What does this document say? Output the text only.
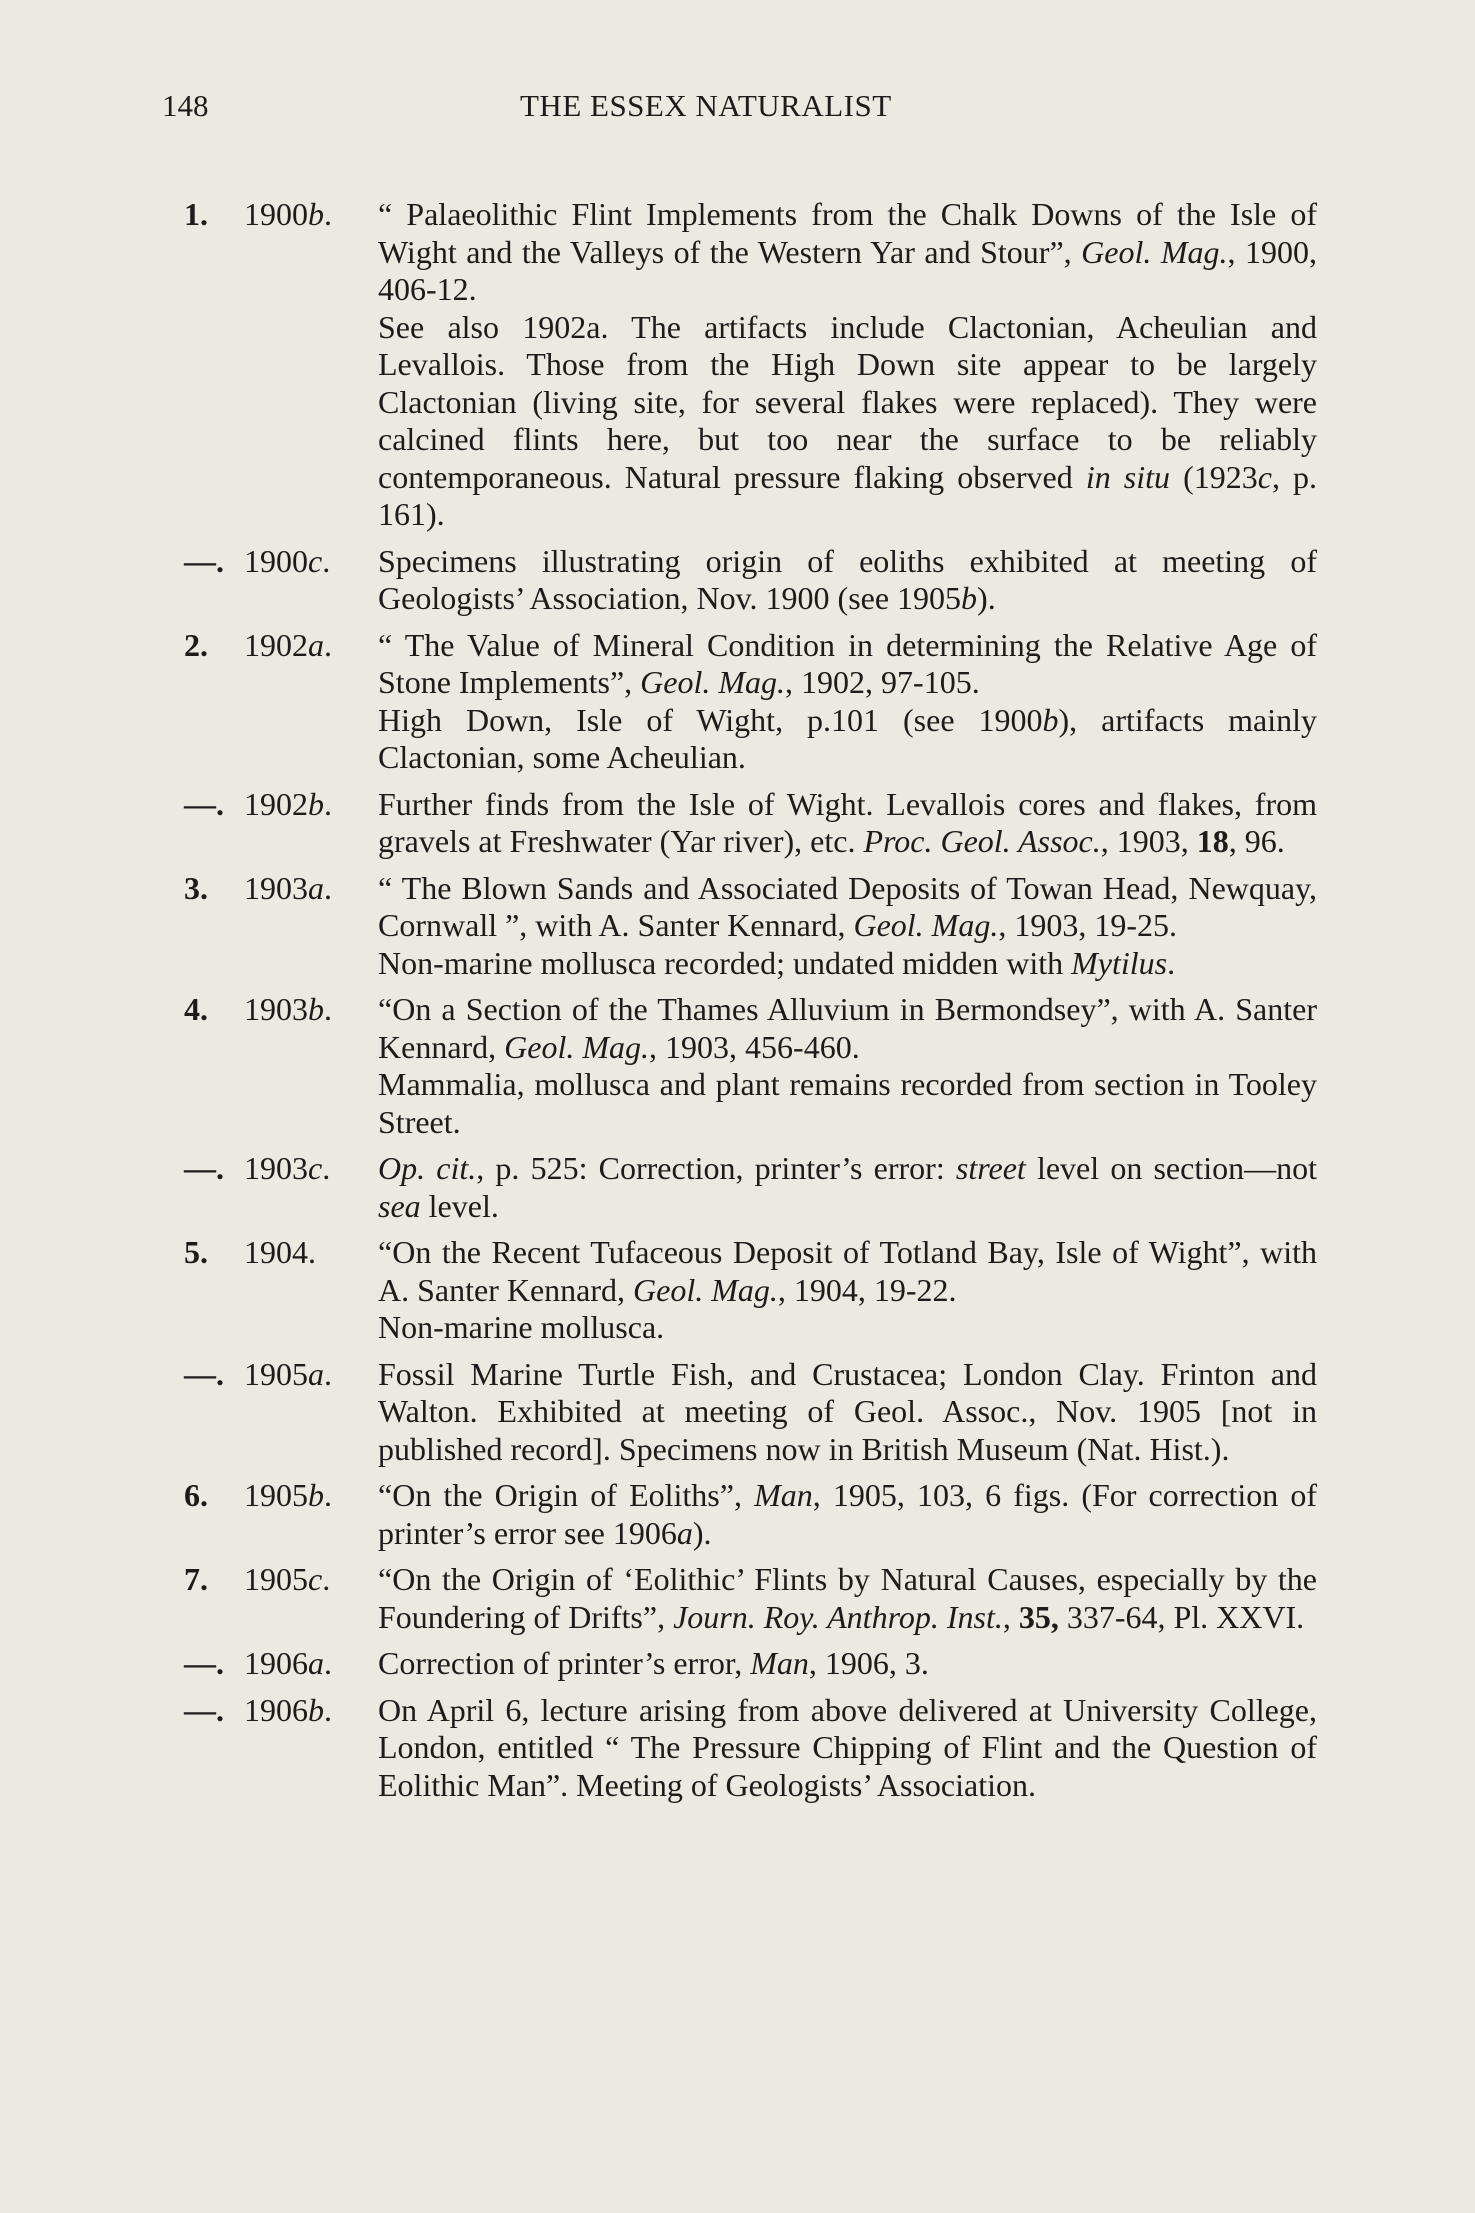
148	THE ESSEX NATURALIST
1. 1900b. “ Palaeolithic Flint Implements from the Chalk Downs of the Isle of Wight and the Valleys of the Western Yar and Stour”, Geol. Mag., 1900, 406-12.

See also 1902a. The artifacts include Clactonian, Acheulian and Levallois. Those from the High Down site appear to be largely Clactonian (living site, for several flakes were replaced). They were calcined flints here, but too near the surface to be reliably contemporaneous. Natural pressure flaking observed in situ (1923c, p. 161).

—. 1900c. Specimens illustrating origin of eoliths exhibited at meeting of Geologists’ Association, Nov. 1900 (see 1905b).

2. 1902a. “ The Value of Mineral Condition in determining the Relative Age of Stone Implements”, Geol. Mag., 1902, 97-105.

High Down, Isle of Wight, p.101 (see 1900b), artifacts mainly Clactonian, some Acheulian.

—. 1902b. Further finds from the Isle of Wight. Levallois cores and flakes, from gravels at Freshwater (Yar river), etc. Proc. Geol. Assoc., 1903, 18, 96.

3. 1903a. “ The Blown Sands and Associated Deposits of Towan Head, Newquay, Cornwall ”, with A. Santer Kennard, Geol. Mag., 1903, 19-25.

Non-marine mollusca recorded; undated midden with Mytilus.

4. 1903b. “On a Section of the Thames Alluvium in Bermondsey”, with A. Santer Kennard, Geol. Mag., 1903, 456-460.

Mammalia, mollusca and plant remains recorded from section in Tooley Street.

—. 1903c. Op. cit., p. 525: Correction, printer’s error: street level on section—not sea level.

5. 1904. “On the Recent Tufaceous Deposit of Totland Bay, Isle of Wight”, with A. Santer Kennard, Geol. Mag., 1904, 19-22.

Non-marine mollusca.

—. 1905a. Fossil Marine Turtle Fish, and Crustacea; London Clay. Frinton and Walton. Exhibited at meeting of Geol. Assoc., Nov. 1905 [not in published record]. Specimens now in British Museum (Nat. Hist.).

6. 1905b. “On the Origin of Eoliths”, Man, 1905, 103, 6 figs. (For correction of printer’s error see 1906a).

7. 1905c. “On the Origin of ‘Eolithic’ Flints by Natural Causes, especially by the Foundering of Drifts”, Journ. Roy. Anthrop. Inst., 35, 337-64, Pl. XXVI.

—. 1906a. Correction of printer’s error, Man, 1906, 3.

—. 1906b. On April 6, lecture arising from above delivered at University College, London, entitled “ The Pressure Chipping of Flint and the Question of Eolithic Man”. Meeting of Geologists’ Association.
